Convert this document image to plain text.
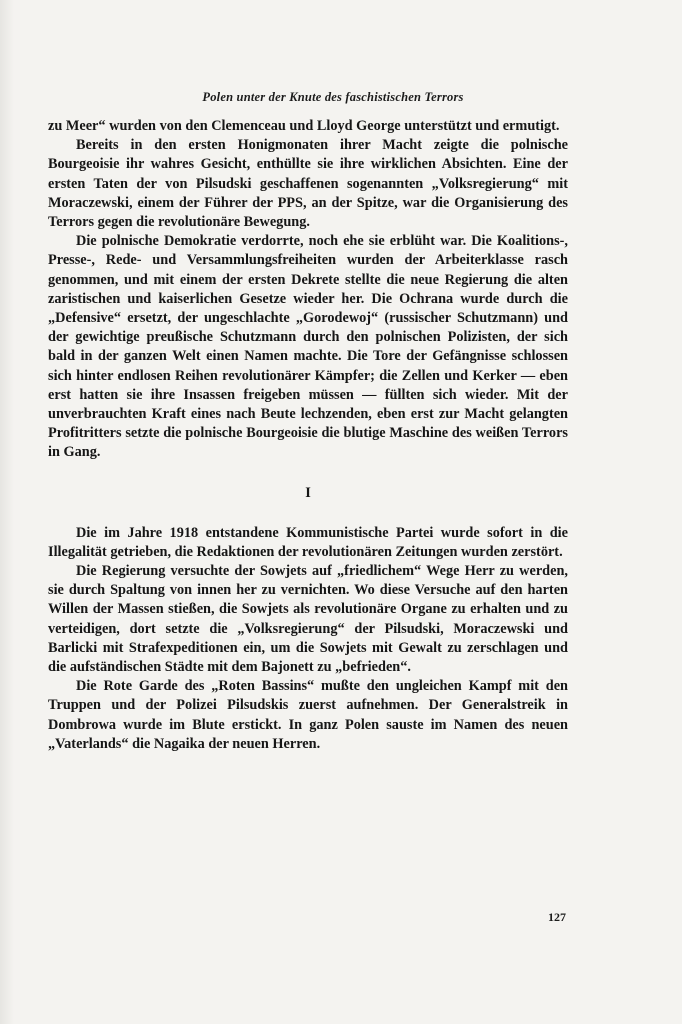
Polen unter der Knute des faschistischen Terrors

zu Meer“ wurden von den Clemenceau und Lloyd George unterstützt und ermutigt.

Bereits in den ersten Honigmonaten ihrer Macht zeigte die polnische Bourgeoisie ihr wahres Gesicht, enthüllte sie ihre wirklichen Absichten. Eine der ersten Taten der von Pilsudski geschaffenen sogenannten „Volksregierung“ mit Moraczewski, einem der Führer der PPS, an der Spitze, war die Organisierung des Terrors gegen die revolutionäre Bewegung.

Die polnische Demokratie verdorrte, noch ehe sie erblüht war. Die Koalitions-, Presse-, Rede- und Versammlungsfreiheiten wurden der Arbeiterklasse rasch genommen, und mit einem der ersten Dekrete stellte die neue Regierung die alten zaristischen und kaiserlichen Gesetze wieder her. Die Ochrana wurde durch die „Defensive“ ersetzt, der ungeschlachte „Gorodewoj“ (russischer Schutzmann) und der gewichtige preußische Schutzmann durch den polnischen Polizisten, der sich bald in der ganzen Welt einen Namen machte. Die Tore der Gefängnisse schlossen sich hinter endlosen Reihen revolutionärer Kämpfer; die Zellen und Kerker — eben erst hatten sie ihre Insassen freigeben müssen — füllten sich wieder. Mit der unverbrauchten Kraft eines nach Beute lechzenden, eben erst zur Macht gelangten Profitritters setzte die polnische Bourgeoisie die blutige Maschine des weißen Terrors in Gang.

I

Die im Jahre 1918 entstandene Kommunistische Partei wurde sofort in die Illegalität getrieben, die Redaktionen der revolutionären Zeitungen wurden zerstört.

Die Regierung versuchte der Sowjets auf „friedlichem“ Wege Herr zu werden, sie durch Spaltung von innen her zu vernichten. Wo diese Versuche auf den harten Willen der Massen stießen, die Sowjets als revolutionäre Organe zu erhalten und zu verteidigen, dort setzte die „Volksregierung“ der Pilsudski, Moraczewski und Barlicki mit Strafexpeditionen ein, um die Sowjets mit Gewalt zu zerschlagen und die aufständischen Städte mit dem Bajonett zu „befrieden“.

Die Rote Garde des „Roten Bassins“ mußte den ungleichen Kampf mit den Truppen und der Polizei Pilsudskis zuerst aufnehmen. Der Generalstreik in Dombrowa wurde im Blute erstickt. In ganz Polen sauste im Namen des neuen „Vaterlands“ die Nagaika der neuen Herren.

127
